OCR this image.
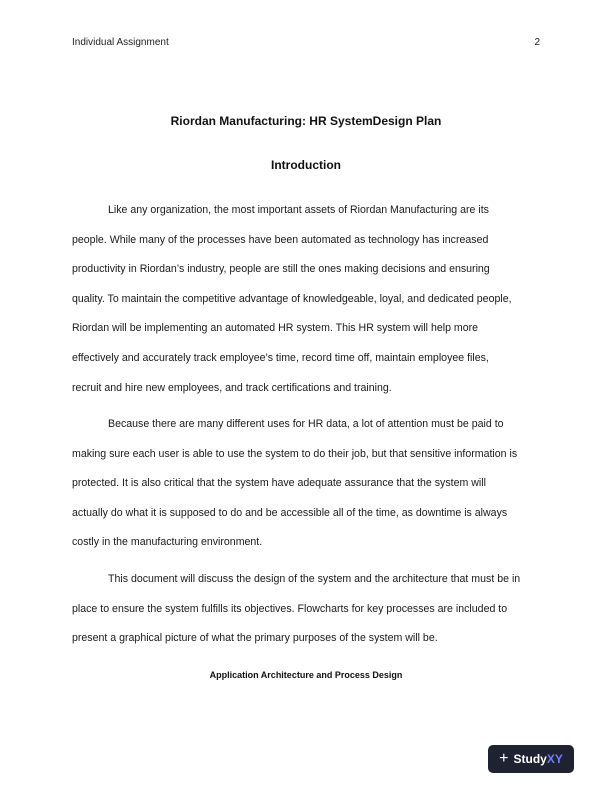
Individual Assignment	2
Riordan Manufacturing: HR SystemDesign Plan
Introduction
Like any organization, the most important assets of Riordan Manufacturing are its
people. While many of the processes have been automated as technology has increased
productivity in Riordan’s industry, people are still the ones making decisions and ensuring
quality. To maintain the competitive advantage of knowledgeable, loyal, and dedicated people,
Riordan will be implementing an automated HR system. This HR system will help more
effectively and accurately track employee’s time, record time off, maintain employee files,
recruit and hire new employees, and track certifications and training.
Because there are many different uses for HR data, a lot of attention must be paid to
making sure each user is able to use the system to do their job, but that sensitive information is
protected. It is also critical that the system have adequate assurance that the system will
actually do what it is supposed to do and be accessible all of the time, as downtime is always
costly in the manufacturing environment.
This document will discuss the design of the system and the architecture that must be in
place to ensure the system fulfills its objectives. Flowcharts for key processes are included to
present a graphical picture of what the primary purposes of the system will be.
Application Architecture and Process Design
+ Study XY
